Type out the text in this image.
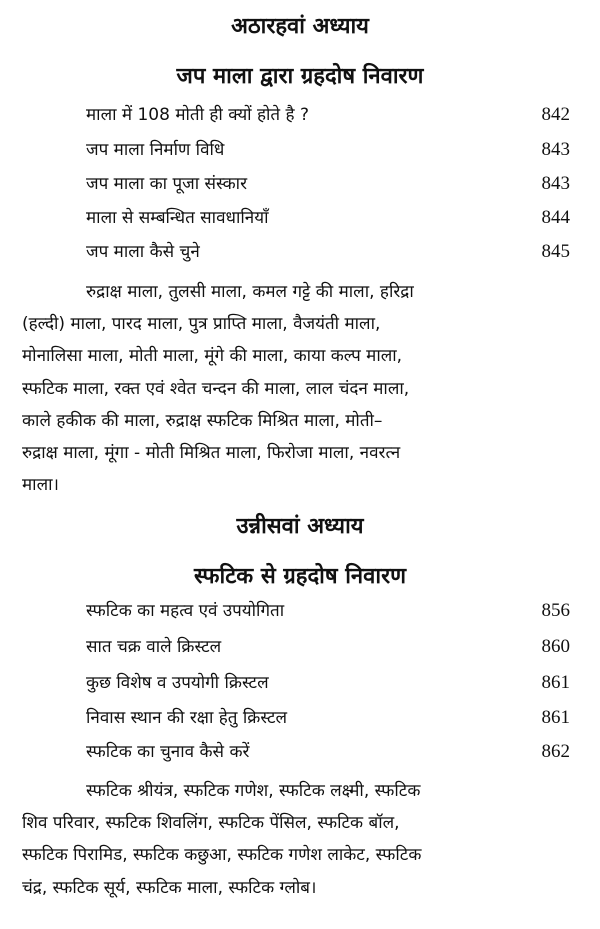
अठारहवां अध्याय
जप माला द्वारा ग्रहदोष निवारण
माला में 108 मोती ही क्यों होते है ?	842
जप माला निर्माण विधि	843
जप माला का पूजा संस्कार	843
माला से सम्बन्धित सावधानियाँ	844
जप माला कैसे चुने	845
रुद्राक्ष माला, तुलसी माला, कमल गट्टे की माला, हरिद्रा
(हल्दी) माला, पारद माला, पुत्र प्राप्ति माला, वैजयंती माला,
मोनालिसा माला, मोती माला, मूंगे की माला, काया कल्प माला,
स्फटिक माला, रक्त एवं श्वेत चन्दन की माला, लाल चंदन माला,
काले हकीक की माला, रुद्राक्ष स्फटिक मिश्रित माला, मोती–
रुद्राक्ष माला, मूंगा - मोती मिश्रित माला, फिरोजा माला, नवरत्न
माला।
उन्नीसवां अध्याय
स्फटिक से ग्रहदोष निवारण
स्फटिक का महत्व एवं उपयोगिता	856
सात चक्र वाले क्रिस्टल	860
कुछ विशेष व उपयोगी क्रिस्टल	861
निवास स्थान की रक्षा हेतु क्रिस्टल	861
स्फटिक का चुनाव कैसे करें	862
स्फटिक श्रीयंत्र, स्फटिक गणेश, स्फटिक लक्ष्मी, स्फटिक
शिव परिवार, स्फटिक शिवलिंग, स्फटिक पेंसिल, स्फटिक बॉल,
स्फटिक पिरामिड, स्फटिक कछुआ, स्फटिक गणेश लाकेट, स्फटिक
चंद्र, स्फटिक सूर्य, स्फटिक माला, स्फटिक ग्लोब।
